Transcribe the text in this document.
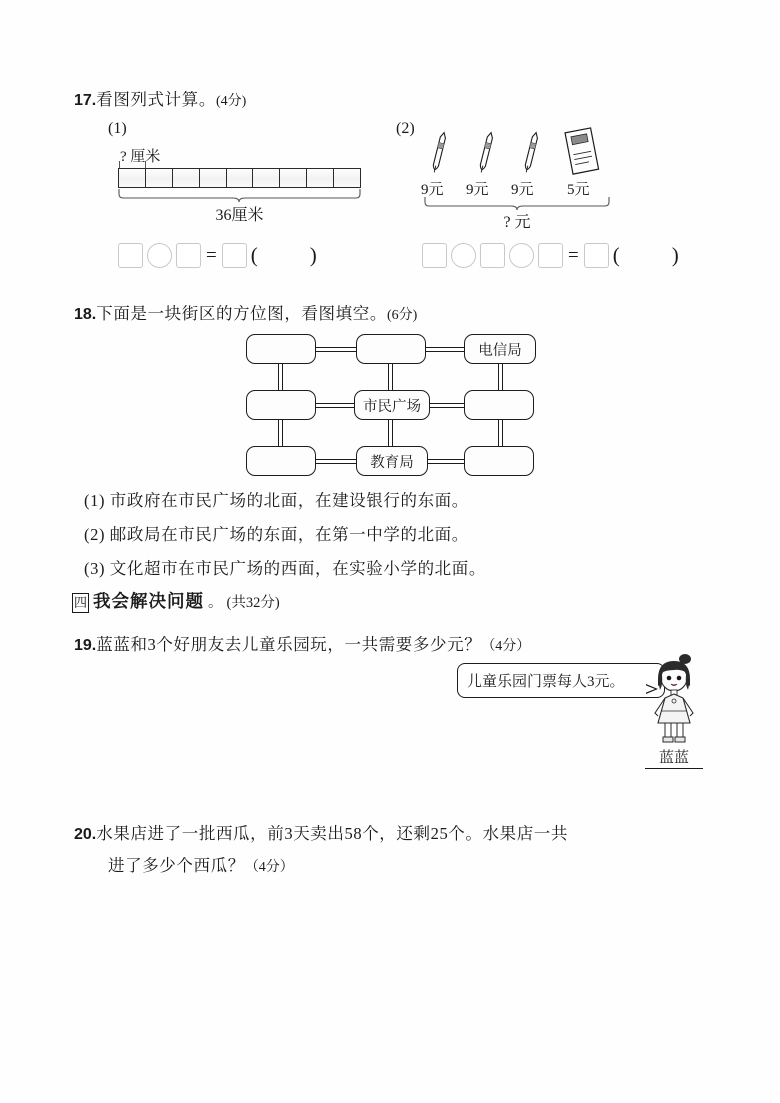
17.看图列式计算。(4分)
(1)	(2)
? 厘米
36厘米
9元 9元 9元 5元
? 元
= ( )	= ( )
18.下面是一块街区的方位图，看图填空。(6分)
电信局
市民广场
教育局
(1) 市政府在市民广场的北面，在建设银行的东面。
(2) 邮政局在市民广场的东面，在第一中学的北面。
(3) 文化超市在市民广场的西面，在实验小学的北面。
四 我会解决问题 。 (共32分)
19.蓝蓝和3个好朋友去儿童乐园玩，一共需要多少元？（4分）
儿童乐园门票每人3元。
蓝蓝
20.水果店进了一批西瓜，前3天卖出58个，还剩25个。水果店一共
进了多少个西瓜？（4分）
